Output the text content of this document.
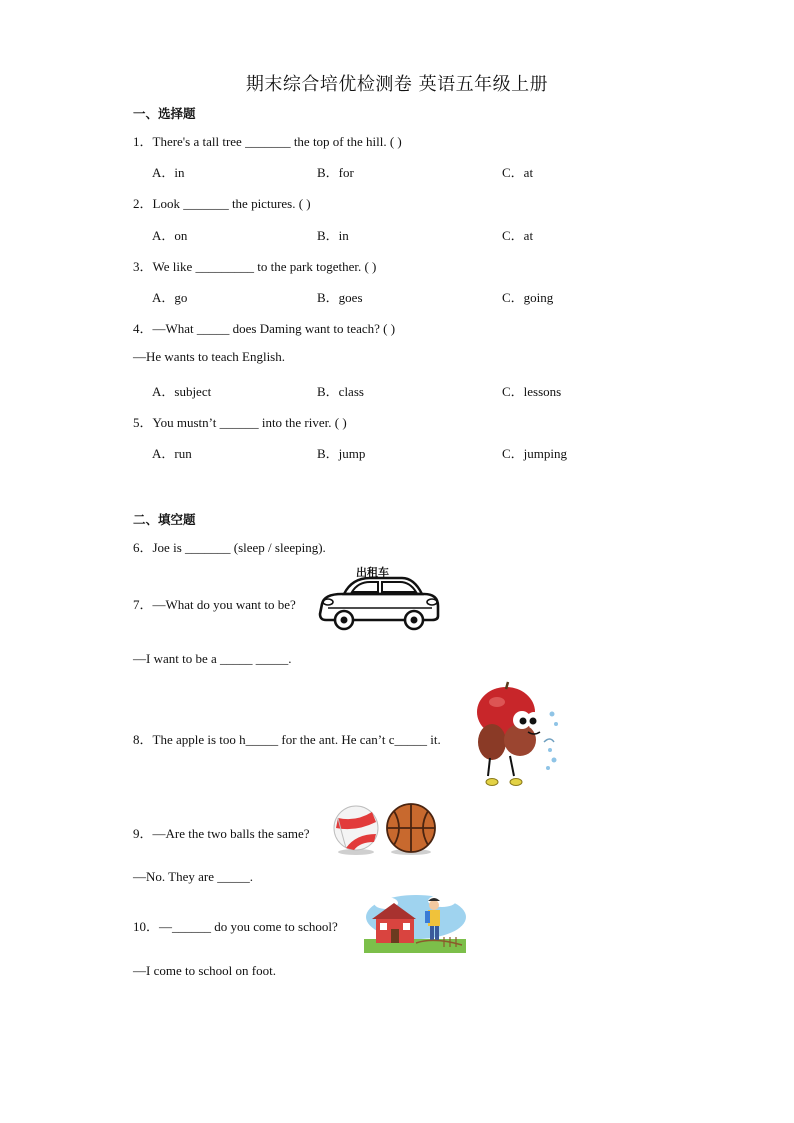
期末综合培优检测卷 英语五年级上册
一、选择题
1．There's a tall tree _______ the top of the hill. ( )
A．in	B．for	C．at
2．Look _______ the pictures. ( )
A．on	B．in	C．at
3．We like _________ to the park together. ( )
A．go	B．goes	C．going
4．—What _____ does Daming want to teach? ( )
—He wants to teach English.
A．subject	B．class	C．lessons
5．You mustn’t ______ into the river. ( )
A．run	B．jump	C．jumping
二、填空题
6．Joe is _______ (sleep / sleeping).
7．—What do you want to be?
出租车
—I want to be a _____ _____.
8．The apple is too h_____ for the ant. He can’t c_____ it.
9．—Are the two balls the same?
—No. They are _____.
10．—______ do you come to school?
—I come to school on foot.
